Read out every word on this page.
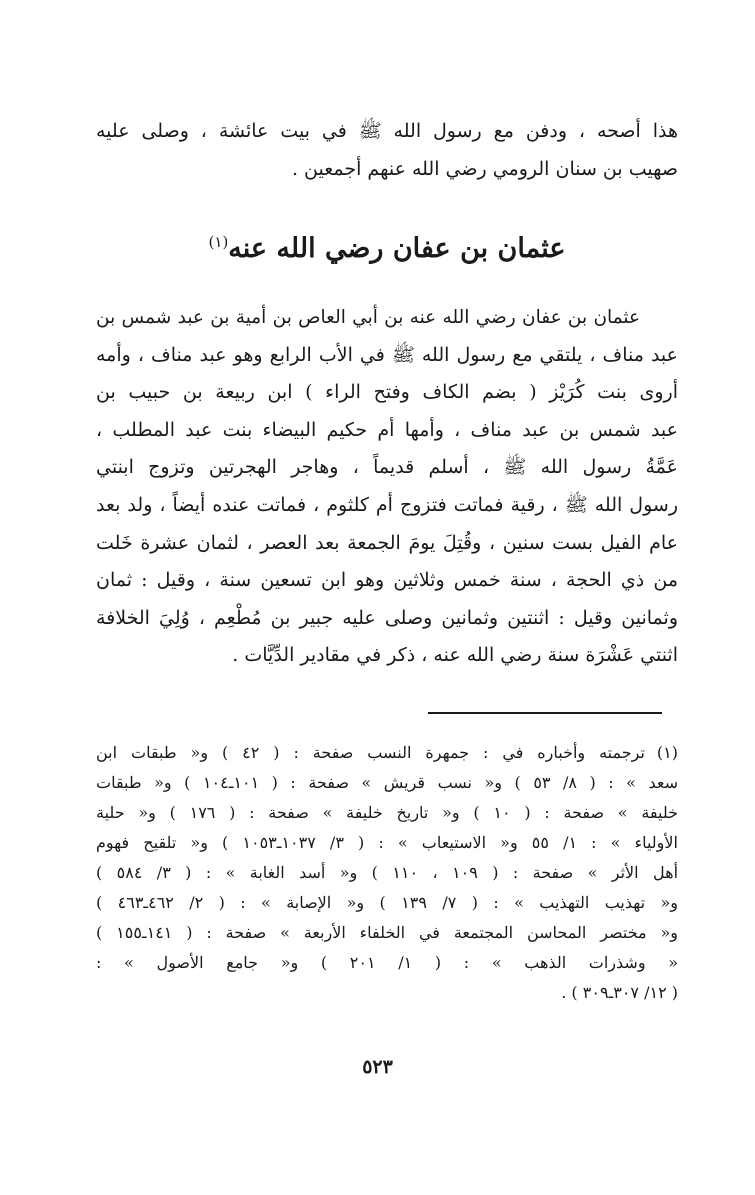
هذا أصحه ، ودفن مع رسول الله ﷺ في بيت عائشة ، وصلى عليه
صهيب بن سنان الرومي رضي الله عنهم أجمعين .
عثمان بن عفان رضي الله عنه$^{(١)}$
عثمان بن عفان رضي الله عنه بن أبي العاص بن أمية بن عبد شمس بن
عبد مناف ، يلتقي مع رسول الله ﷺ في الأب الرابع وهو عبد مناف ، وأمه
أروى بنت كُرَيْز ( بضم الكاف وفتح الراء ) ابن ربيعة بن حبيب بن
عبد شمس بن عبد مناف ، وأمها أم حكيم البيضاء بنت عبد المطلب ،
عَمَّةُ رسول الله ﷺ ، أسلم قديماً ، وهاجر الهجرتين وتزوج ابنتي
رسول الله ﷺ ، رقية فماتت فتزوج أم كلثوم ، فماتت عنده أيضاً ، ولد بعد
عام الفيل بست سنين ، وقُتِلَ يومَ الجمعة بعد العصر ، لثمان عشرة خَلت
من ذي الحجة ، سنة خمس وثلاثين وهو ابن تسعين سنة ، وقيل : ثمان
وثمانين وقيل : اثنتين وثمانين وصلى عليه جبير بن مُطْعِم ، وُلِيَ الخلافة
اثنتي عَشْرَة سنة رضي الله عنه ، ذكر في مقادير الدِّيَّات .
(١)ترجمته وأخباره في : جمهرة النسب صفحة : ( ٤٢ ) و« طبقات ابن
سعد » : ( ٨/ ٥٣ ) و« نسب قريش » صفحة : ( ١٠١ـ١٠٤ ) و« طبقات
خليفة » صفحة : ( ١٠ ) و« تاريخ خليفة » صفحة : ( ١٧٦ ) و« حلية
الأولياء » : ١/ ٥٥ و« الاستيعاب » : ( ٣/ ١٠٣٧ـ١٠٥٣ ) و« تلقيح فهوم
أهل الأثر » صفحة : ( ١٠٩ ، ١١٠ ) و« أسد الغابة » : ( ٣/ ٥٨٤ )
و« تهذيب التهذيب » : ( ٧/ ١٣٩ ) و« الإصابة » : ( ٢/ ٤٦٢ـ٤٦٣ )
و« مختصر المحاسن المجتمعة في الخلفاء الأربعة » صفحة : ( ١٤١ـ١٥٥ )
« وشذرات الذهب » : ( ١/ ٢٠١ ) و« جامع الأصول » :
( ١٢/ ٣٠٧ـ٣٠٩ ) .
٥٢٣
